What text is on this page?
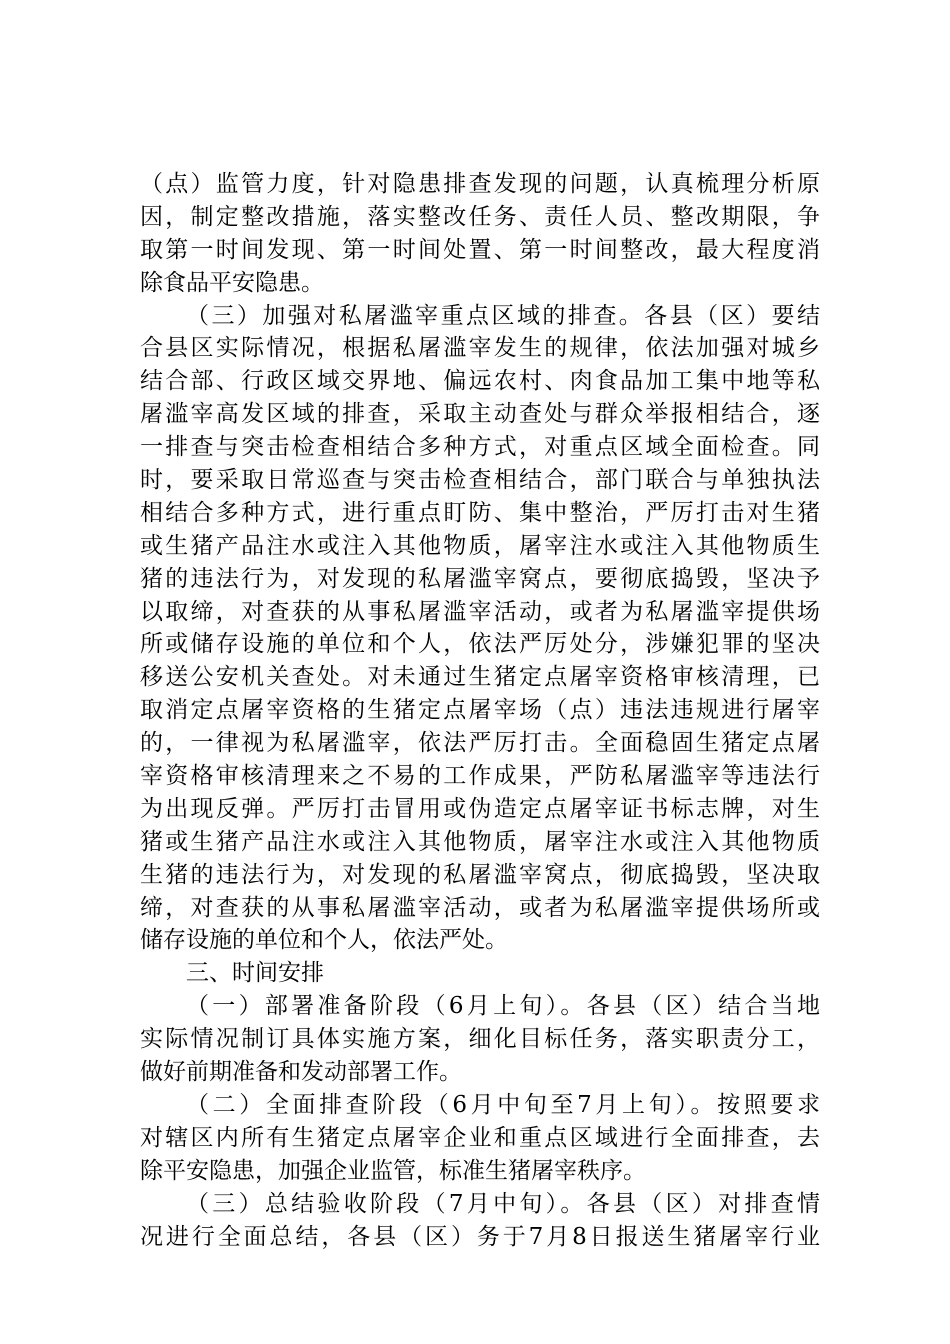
（点）监管力度，针对隐患排查发现的问题，认真梳理分析原
因，制定整改措施，落实整改任务、责任人员、整改期限，争
取第一时间发现、第一时间处置、第一时间整改，最大程度消
除食品平安隐患。
（三）加强对私屠滥宰重点区域的排查。各县（区）要结
合县区实际情况，根据私屠滥宰发生的规律，依法加强对城乡
结合部、行政区域交界地、偏远农村、肉食品加工集中地等私
屠滥宰高发区域的排查，采取主动查处与群众举报相结合，逐
一排查与突击检查相结合多种方式，对重点区域全面检查。同
时，要采取日常巡查与突击检查相结合，部门联合与单独执法
相结合多种方式，进行重点盯防、集中整治，严厉打击对生猪
或生猪产品注水或注入其他物质，屠宰注水或注入其他物质生
猪的违法行为，对发现的私屠滥宰窝点，要彻底捣毁，坚决予
以取缔，对查获的从事私屠滥宰活动，或者为私屠滥宰提供场
所或储存设施的单位和个人，依法严厉处分，涉嫌犯罪的坚决
移送公安机关查处。对未通过生猪定点屠宰资格审核清理，已
取消定点屠宰资格的生猪定点屠宰场（点）违法违规进行屠宰
的，一律视为私屠滥宰，依法严厉打击。全面稳固生猪定点屠
宰资格审核清理来之不易的工作成果，严防私屠滥宰等违法行
为出现反弹。严厉打击冒用或伪造定点屠宰证书标志牌，对生
猪或生猪产品注水或注入其他物质，屠宰注水或注入其他物质
生猪的违法行为，对发现的私屠滥宰窝点，彻底捣毁，坚决取
缔，对查获的从事私屠滥宰活动，或者为私屠滥宰提供场所或
储存设施的单位和个人，依法严处。
三、时间安排
（一）部署准备阶段（6月上旬）。各县（区）结合当地
实际情况制订具体实施方案，细化目标任务，落实职责分工，
做好前期准备和发动部署工作。
（二）全面排查阶段（6月中旬至7月上旬）。按照要求
对辖区内所有生猪定点屠宰企业和重点区域进行全面排查，去
除平安隐患，加强企业监管，标准生猪屠宰秩序。
（三）总结验收阶段（7月中旬）。各县（区）对排查情
况进行全面总结，各县（区）务于7月8日报送生猪屠宰行业
